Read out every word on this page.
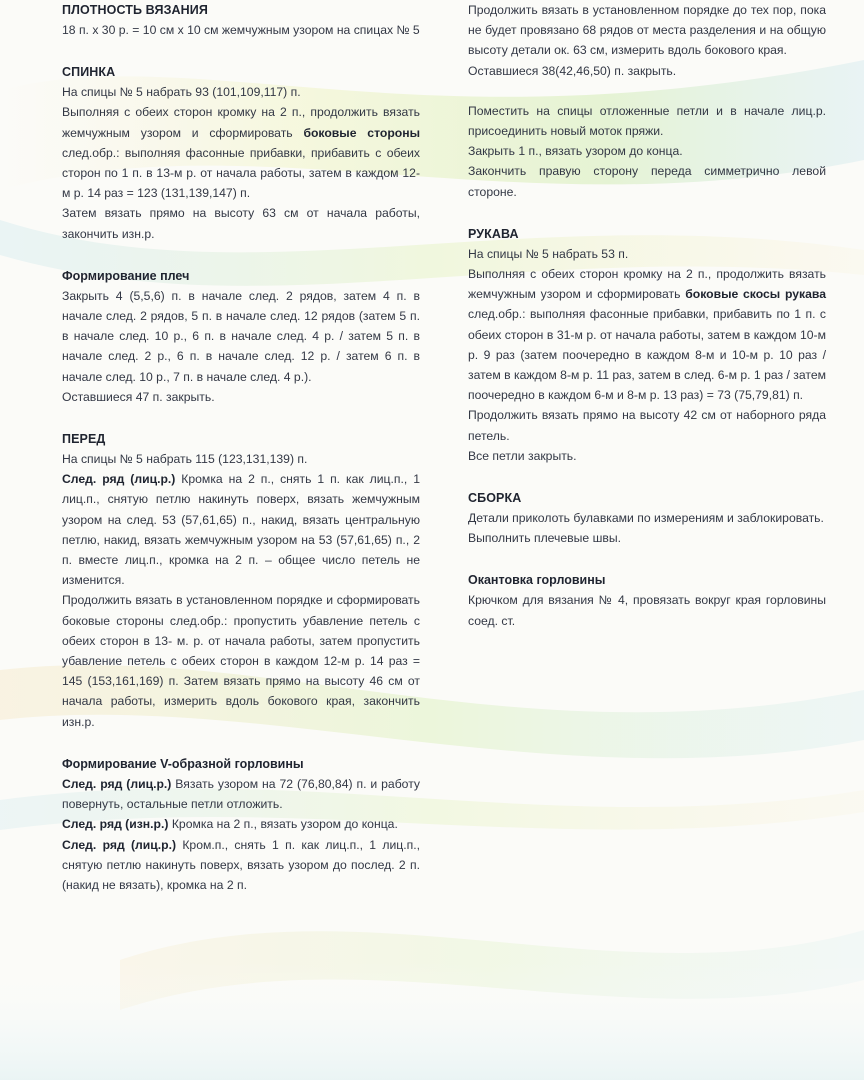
ПЛОТНОСТЬ ВЯЗАНИЯ

18 п. х 30 р. = 10 см х 10 см жемчужным узором на спицах № 5

СПИНКА

На спицы № 5 набрать 93 (101,109,117) п.

Выполняя с обеих сторон кромку на 2 п., продолжить вязать жемчужным узором и сформировать боковые стороны след.обр.: выполняя фасонные прибавки, прибавить с обеих сторон по 1 п. в 13-м р. от начала работы, затем в каждом 12-м р. 14 раз = 123 (131,139,147) п.

Затем вязать прямо на высоту 63 см от начала работы, закончить изн.р.

Формирование плеч

Закрыть 4 (5,5,6) п. в начале след. 2 рядов, затем 4 п. в начале след. 2 рядов, 5 п. в начале след. 12 рядов (затем 5 п. в начале след. 10 р., 6 п. в начале след. 4 р. / затем 5 п. в начале след. 2 р., 6 п. в начале след. 12 р. / затем 6 п. в начале след. 10 р., 7 п. в начале след. 4 р.).

Оставшиеся 47 п. закрыть.

ПЕРЕД

На спицы № 5 набрать 115 (123,131,139) п.

След. ряд (лиц.р.) Кромка на 2 п., снять 1 п. как лиц.п., 1 лиц.п., снятую петлю накинуть поверх, вязать жемчужным узором на след. 53 (57,61,65) п., накид, вязать центральную петлю, накид, вязать жемчужным узором на 53 (57,61,65) п., 2 п. вместе лиц.п., кромка на 2 п. – общее число петель не изменится.

Продолжить вязать в установленном порядке и сформировать боковые стороны след.обр.: пропустить убавление петель с обеих сторон в 13- м. р. от начала работы, затем пропустить убавление петель с обеих сторон в каждом 12-м р. 14 раз = 145 (153,161,169) п. Затем вязать прямо на высоту 46 см от начала работы, измерить вдоль бокового края, закончить изн.р.

Формирование V-образной горловины

След. ряд (лиц.р.) Вязать узором на 72 (76,80,84) п. и работу повернуть, остальные петли отложить.

След. ряд (изн.р.) Кромка на 2 п., вязать узором до конца.

След. ряд (лиц.р.) Кром.п., снять 1 п. как лиц.п., 1 лиц.п., снятую петлю накинуть поверх, вязать узором до послед. 2 п. (накид не вязать), кромка на 2 п.

Продолжить вязать в установленном порядке до тех пор, пока не будет провязано 68 рядов от места разделения и на общую высоту детали ок. 63 см, измерить вдоль бокового края.

Оставшиеся 38(42,46,50) п. закрыть.

Поместить на спицы отложенные петли и в начале лиц.р. присоединить новый моток пряжи.

Закрыть 1 п., вязать узором до конца.

Закончить правую сторону переда симметрично левой стороне.

РУКАВА

На спицы № 5 набрать 53 п.

Выполняя с обеих сторон кромку на 2 п., продолжить вязать жемчужным узором и сформировать боковые скосы рукава след.обр.: выполняя фасонные прибавки, прибавить по 1 п. с обеих сторон в 31-м р. от начала работы, затем в каждом 10-м р. 9 раз (затем поочередно в каждом 8-м и 10-м р. 10 раз / затем в каждом 8-м р. 11 раз, затем в след. 6-м р. 1 раз / затем поочередно в каждом 6-м и 8-м р. 13 раз) = 73 (75,79,81) п.

Продолжить вязать прямо на высоту 42 см от наборного ряда петель.

Все петли закрыть.

СБОРКА

Детали приколоть булавками по измерениям и заблокировать.

Выполнить плечевые швы.

Окантовка горловины

Крючком для вязания № 4, провязать вокруг края горловины соед. ст.
